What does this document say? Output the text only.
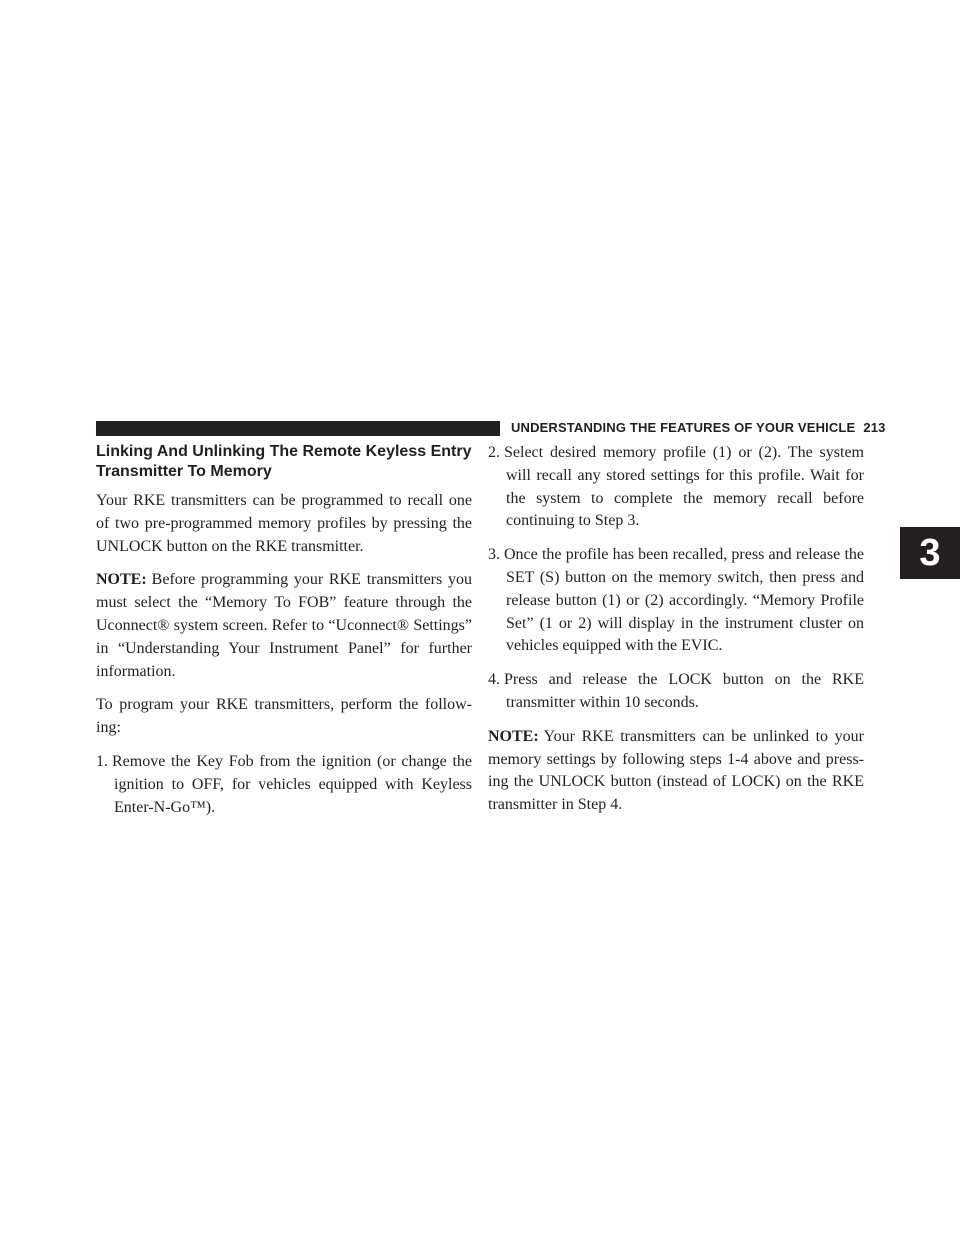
UNDERSTANDING THE FEATURES OF YOUR VEHICLE 213
3
Linking And Unlinking The Remote Keyless Entry Transmitter To Memory

Your RKE transmitters can be programmed to recall one of two pre-programmed memory profiles by pressing the UNLOCK button on the RKE transmitter.

NOTE: Before programming your RKE transmitters you must select the “Memory To FOB” feature through the Uconnect® system screen. Refer to “Uconnect® Settings” in “Understanding Your Instrument Panel” for further information.

To program your RKE transmitters, perform the follow-ing:

1. Remove the Key Fob from the ignition (or change the ignition to OFF, for vehicles equipped with Keyless Enter-N-Go™).
2. Select desired memory profile (1) or (2). The system will recall any stored settings for this profile. Wait for the system to complete the memory recall before continuing to Step 3.
3. Once the profile has been recalled, press and release the SET (S) button on the memory switch, then press and release button (1) or (2) accordingly. “Memory Profile Set” (1 or 2) will display in the instrument cluster on vehicles equipped with the EVIC.
4. Press and release the LOCK button on the RKE transmitter within 10 seconds.

NOTE: Your RKE transmitters can be unlinked to your memory settings by following steps 1-4 above and press-ing the UNLOCK button (instead of LOCK) on the RKE transmitter in Step 4.
